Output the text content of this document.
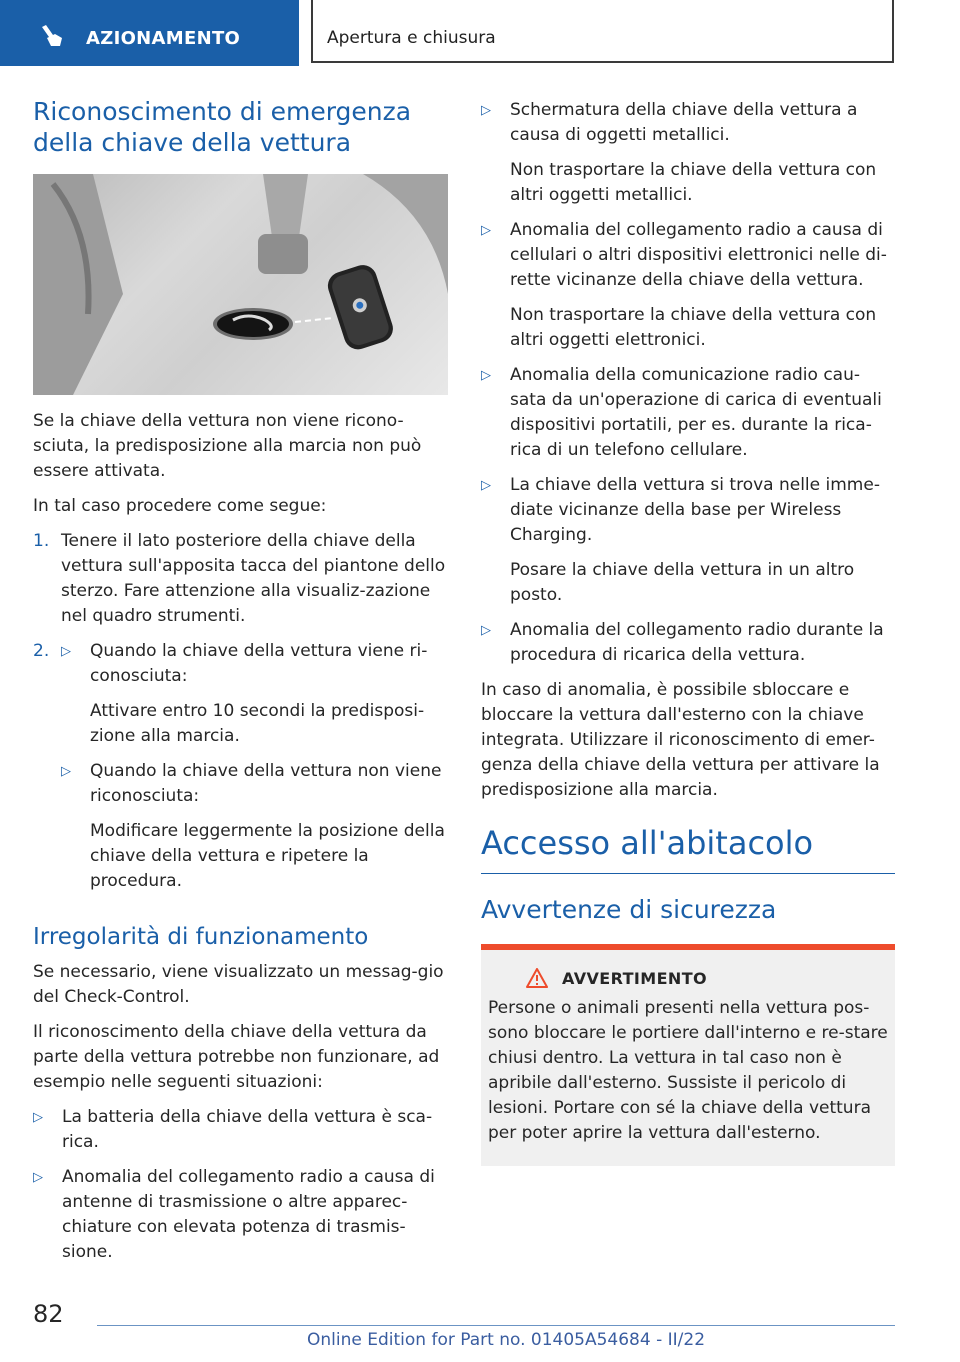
AZIONAMENTO	Apertura e chiusura
Riconoscimento di emergenza della chiave della vettura

Se la chiave della vettura non viene ricono-sciuta, la predisposizione alla marcia non può essere attivata.

In tal caso procedere come segue:

1. Tenere il lato posteriore della chiave della vettura sull'apposita tacca del piantone dello sterzo. Fare attenzione alla visualiz-zazione nel quadro strumenti.

2. ▷	Quando la chiave della vettura viene ri-conosciuta:

Attivare entro 10 secondi la predisposi-zione alla marcia.

▷	Quando la chiave della vettura non viene riconosciuta:

Modificare leggermente la posizione della chiave della vettura e ripetere la procedura.

Irregolarità di funzionamento

Se necessario, viene visualizzato un messag-gio del Check-Control.

Il riconoscimento della chiave della vettura da parte della vettura potrebbe non funzionare, ad esempio nelle seguenti situazioni:

▷	La batteria della chiave della vettura è sca-rica.

▷	Anomalia del collegamento radio a causa di antenne di trasmissione o altre apparec-chiature con elevata potenza di trasmis-sione.

▷	Schermatura della chiave della vettura a causa di oggetti metallici.

Non trasportare la chiave della vettura con altri oggetti metallici.

▷	Anomalia del collegamento radio a causa di cellulari o altri dispositivi elettronici nelle di-rette vicinanze della chiave della vettura.

Non trasportare la chiave della vettura con altri oggetti elettronici.

▷	Anomalia della comunicazione radio cau-sata da un'operazione di carica di eventuali dispositivi portatili, per es. durante la rica-rica di un telefono cellulare.

▷	La chiave della vettura si trova nelle imme-diate vicinanze della base per Wireless Charging.

Posare la chiave della vettura in un altro posto.

▷	Anomalia del collegamento radio durante la procedura di ricarica della vettura.

In caso di anomalia, è possibile sbloccare e bloccare la vettura dall'esterno con la chiave integrata. Utilizzare il riconoscimento di emer-genza della chiave della vettura per attivare la predisposizione alla marcia.

Accesso all'abitacolo
Avvertenze di sicurezza
AVVERTIMENTO

Persone o animali presenti nella vettura pos-sono bloccare le portiere dall'interno e re-stare chiusi dentro. La vettura in tal caso non è apribile dall'esterno. Sussiste il pericolo di lesioni. Portare con sé la chiave della vettura per poter aprire la vettura dall'esterno.

82
Online Edition for Part no. 01405A54684 - II/22
